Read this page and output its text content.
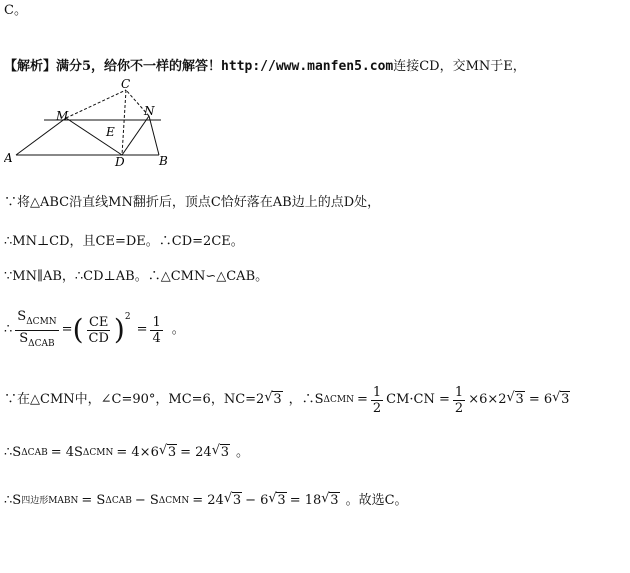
C。
【解析】满分5，给你不一样的解答！http://www.manfen5.com连接CD，交MN于E，
A	B
C
D
E
M	N
∵将△ABC沿直线MN翻折后，顶点C恰好落在AB边上的点D处，
∴MN⊥CD，且CE=DE。∴CD=2CE。
∵MN∥AB，∴CD⊥AB。∴△CMN∽△CAB。
∴ $\frac{S_{\Delta CMN}}{S_{\Delta CAB}}$ = ( $\frac{CE}{CD}$ ) 2
= $\frac{1}{4}$ 。
∵在△CMN中，∠C=90°，MC=6，NC=2 √ 3 ，∴S $\Delta CMN = \frac{1}{2} CM\cdot CN = \frac{1}{2} \times 6\times 2$ √ 3 = 6 √ 3
∴S ΔCAB = 4S ΔCMN = 4×6 √ 3 = 24 √ 3 。
∴S 四边形MABN = S ΔCAB − S ΔCMN = 24 √ 3 − 6 √ 3 = 18 √ 3 。故选C。
